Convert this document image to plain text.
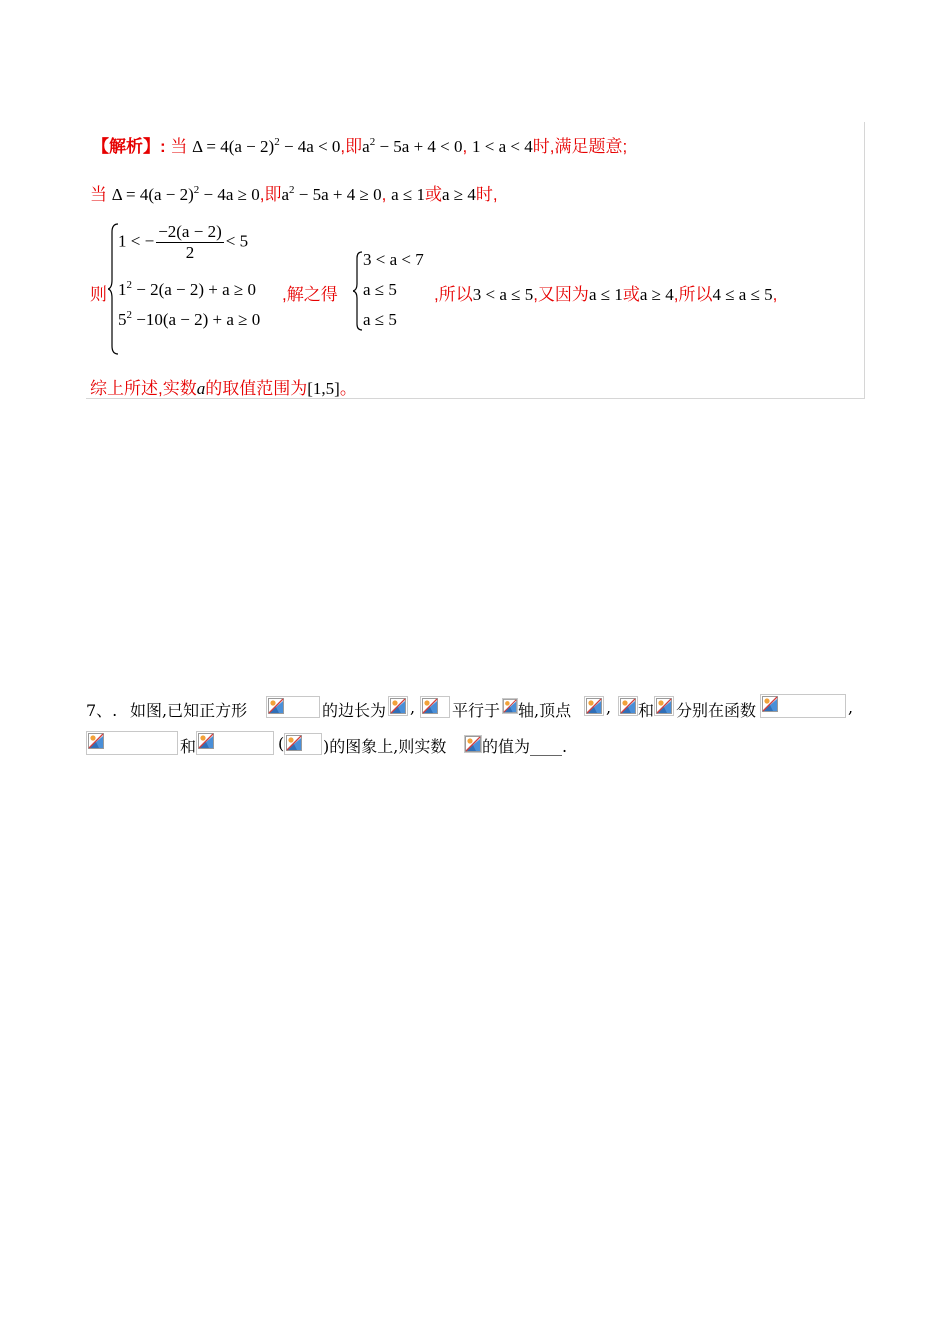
【解析】: 当 $\Delta = 4(a - 2)^2 - 4a < 0$,即$a^2 - 5a + 4 < 0$, 1 < a < 4时,满足题意;
当 $\Delta = 4(a - 2)^2 - 4a \ge 0$,即$a^2 - 5a + 4 \ge 0$, a ≤ 1或a ≥ 4时,
则
1 < − $\frac{-2(a - 2)}{2} < 5$
$1^2 - 2(a - 2) + a \ge 0$
$5^2 -10(a - 2) + a \ge 0$
,解之得
3 < a < 7
a ≤ 5
a ≤ 5
,所以3 < a ≤ 5,又因为a ≤ 1或a ≥ 4,所以4 ≤ a ≤ 5,
综上所述,实数a的取值范围为[1,5]。
7、. 如图,已知正方形	的边长为 , 平行于 轴,顶点 , 和 分别在函数	,
和	( )的图象上,则实数 的值为____.
